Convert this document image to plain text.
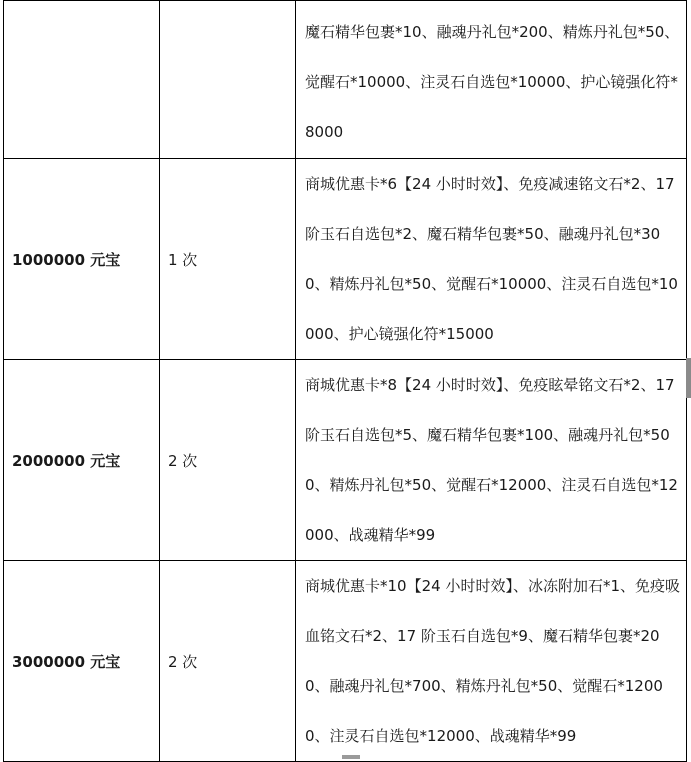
		魔石精华包裹*10、融魂丹礼包*200、精炼丹礼包*50、觉醒石*10000、注灵石自选包*10000、护心镜强化符*8000
1000000 元宝	1 次	商城优惠卡*6【24 小时时效】、免疫减速铭文石*2、17 阶玉石自选包*2、魔石精华包裹*50、融魂丹礼包*300、精炼丹礼包*50、觉醒石*10000、注灵石自选包*10000、护心镜强化符*15000
2000000 元宝	2 次	商城优惠卡*8【24 小时时效】、免疫眩晕铭文石*2、17 阶玉石自选包*5、魔石精华包裹*100、融魂丹礼包*500、精炼丹礼包*50、觉醒石*12000、注灵石自选包*12000、战魂精华*99
3000000 元宝	2 次	商城优惠卡*10【24 小时时效】、冰冻附加石*1、免疫吸血铭文石*2、17 阶玉石自选包*9、魔石精华包裹*200、融魂丹礼包*700、精炼丹礼包*50、觉醒石*12000、注灵石自选包*12000、战魂精华*99
